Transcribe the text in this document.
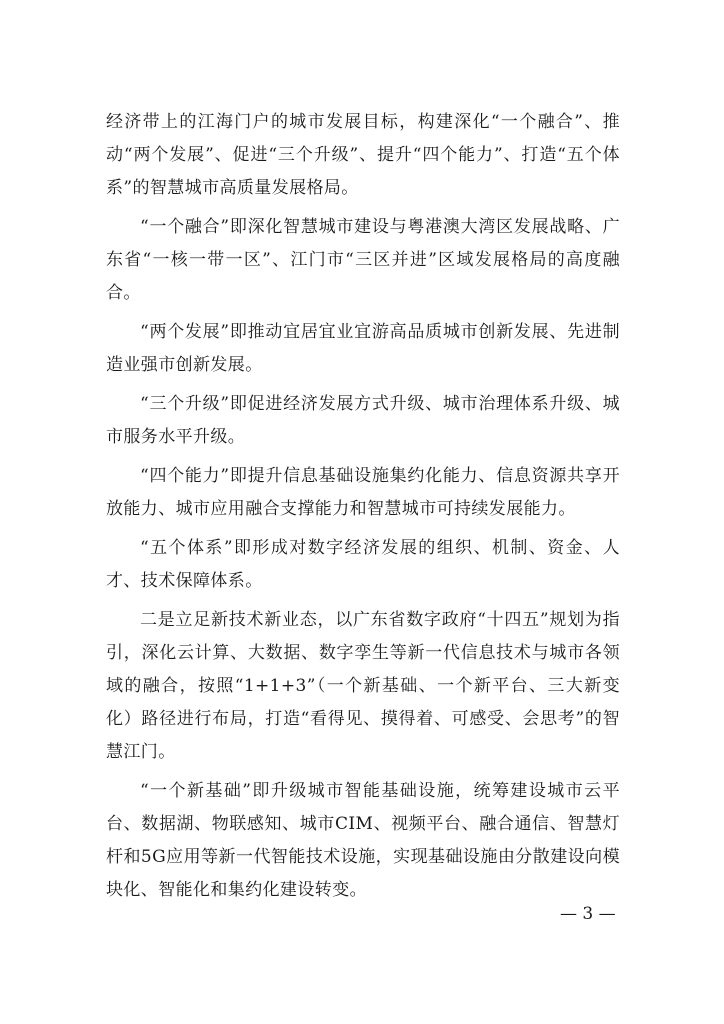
经济带上的江海门户的城市发展目标，构建深化“一个融合”、推动“两个发展”、促进“三个升级”、提升“四个能力”、打造“五个体系”的智慧城市高质量发展格局。

“一个融合”即深化智慧城市建设与粤港澳大湾区发展战略、广东省“一核一带一区”、江门市“三区并进”区域发展格局的高度融合。

“两个发展”即推动宜居宜业宜游高品质城市创新发展、先进制造业强市创新发展。

“三个升级”即促进经济发展方式升级、城市治理体系升级、城市服务水平升级。

“四个能力”即提升信息基础设施集约化能力、信息资源共享开放能力、城市应用融合支撑能力和智慧城市可持续发展能力。

“五个体系”即形成对数字经济发展的组织、机制、资金、人才、技术保障体系。

二是立足新技术新业态，以广东省数字政府“十四五”规划为指引，深化云计算、大数据、数字孪生等新一代信息技术与城市各领域的融合，按照“1+1+3”（一个新基础、一个新平台、三大新变化）路径进行布局，打造“看得见、摸得着、可感受、会思考”的智慧江门。

“一个新基础”即升级城市智能基础设施，统筹建设城市云平台、数据湖、物联感知、城市CIM、视频平台、融合通信、智慧灯杆和5G应用等新一代智能技术设施，实现基础设施由分散建设向模块化、智能化和集约化建设转变。

— 3 —
